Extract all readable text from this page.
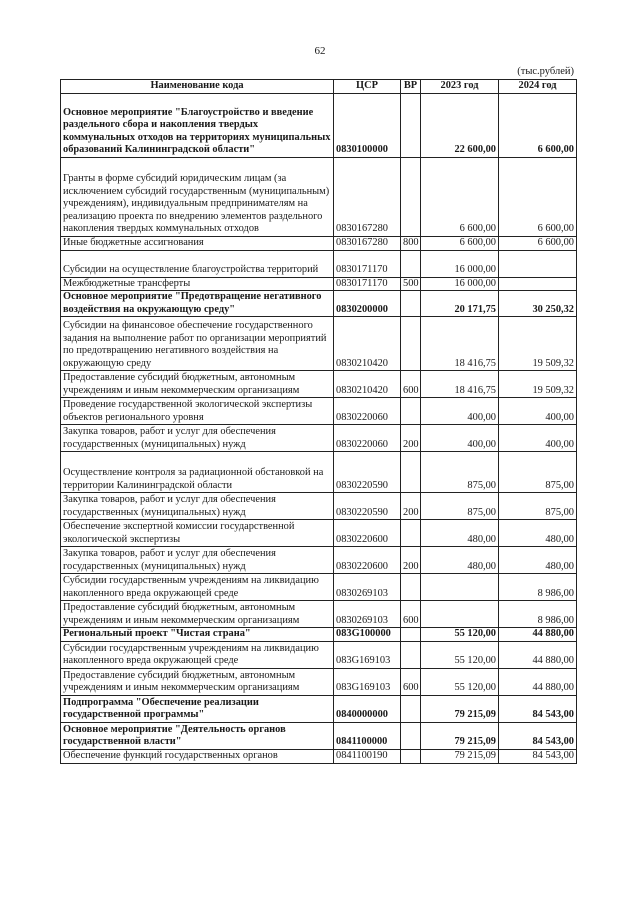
62
(тыс.рублей)
Наименование кода	ЦСР	ВР	2023 год	2024 год
Основное мероприятие "Благоустройство и введение раздельного сбора и накопления твердых коммунальных отходов на территориях муниципальных образований Калининградской области"	0830100000		22 600,00	6 600,00
Гранты в форме субсидий юридическим лицам (за исключением субсидий государственным (муниципальным) учреждениям), индивидуальным предпринимателям на реализацию проекта по внедрению элементов раздельного накопления твердых коммунальных отходов	0830167280		6 600,00	6 600,00
Иные бюджетные ассигнования	0830167280	800	6 600,00	6 600,00
Субсидии на осуществление благоустройства территорий	0830171170		16 000,00	
Межбюджетные трансферты	0830171170	500	16 000,00	
Основное мероприятие "Предотвращение негативного воздействия на окружающую среду"	0830200000		20 171,75	30 250,32
Субсидии на финансовое обеспечение государственного задания на выполнение работ по организации мероприятий по предотвращению негативного воздействия на окружающую среду	0830210420		18 416,75	19 509,32
Предоставление субсидий бюджетным, автономным учреждениям и иным некоммерческим организациям	0830210420	600	18 416,75	19 509,32
Проведение государственной экологической экспертизы объектов регионального уровня	0830220060		400,00	400,00
Закупка товаров, работ и услуг для обеспечения государственных (муниципальных) нужд	0830220060	200	400,00	400,00
Осуществление контроля за радиационной обстановкой на территории Калининградской области	0830220590		875,00	875,00
Закупка товаров, работ и услуг для обеспечения государственных (муниципальных) нужд	0830220590	200	875,00	875,00
Обеспечение экспертной комиссии государственной экологической экспертизы	0830220600		480,00	480,00
Закупка товаров, работ и услуг для обеспечения государственных (муниципальных) нужд	0830220600	200	480,00	480,00
Субсидии государственным учреждениям на ликвидацию накопленного вреда окружающей среде	0830269103			8 986,00
Предоставление субсидий бюджетным, автономным учреждениям и иным некоммерческим организациям	0830269103	600		8 986,00
Региональный проект "Чистая страна"	083G100000		55 120,00	44 880,00
Субсидии государственным учреждениям на ликвидацию накопленного вреда окружающей среде	083G169103		55 120,00	44 880,00
Предоставление субсидий бюджетным, автономным учреждениям и иным некоммерческим организациям	083G169103	600	55 120,00	44 880,00
Подпрограмма "Обеспечение реализации государственной программы"	0840000000		79 215,09	84 543,00
Основное мероприятие "Деятельность органов государственной власти"	0841100000		79 215,09	84 543,00
Обеспечение функций государственных органов	0841100190		79 215,09	84 543,00
